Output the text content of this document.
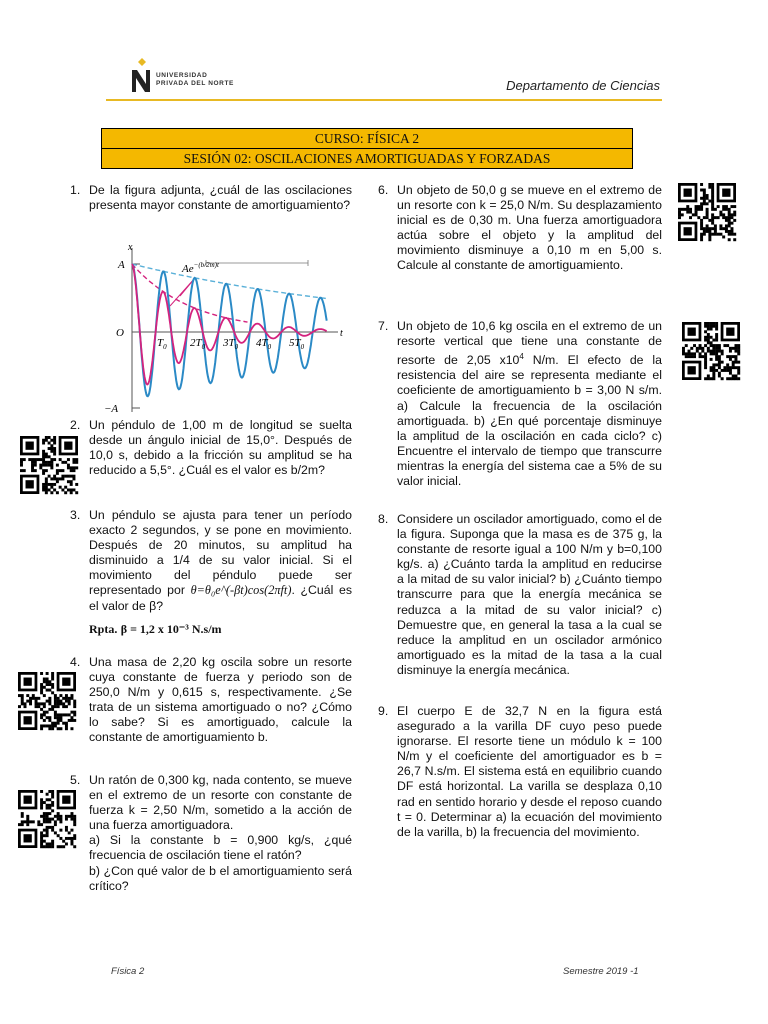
UNIVERSIDAD
PRIVADA DEL NORTE	Departamento de Ciencias
CURSO: FÍSICA 2
SESIÓN 02: OSCILACIONES AMORTIGUADAS Y FORZADAS
1. De la figura adjunta, ¿cuál de las oscilaciones presenta mayor constante de amortiguamiento?

x
t
A
O
−A
$Ae^{-(b/2m)t}$
$T_0$ $2T_0$ $3T_0$ $4T_0$ $5T_0$
2. Un péndulo de 1,00 m de longitud se suelta desde un ángulo inicial de 15,0°. Después de 10,0 s, debido a la fricción su amplitud se ha reducido a 5,5°. ¿Cuál es el valor es b/2m?

3. Un péndulo se ajusta para tener un período exacto 2 segundos, y se pone en movimiento. Después de 20 minutos, su amplitud ha disminuido a 1/4 de su valor inicial. Si el movimiento del péndulo puede ser representado por θ=θ₀e^(-βt)cos(2πft). ¿Cuál es el valor de β?

Rpta. β = 1,2 x 10⁻³ N.s/m

4. Una masa de 2,20 kg oscila sobre un resorte cuya constante de fuerza y periodo son de 250,0 N/m y 0,615 s, respectivamente. ¿Se trata de un sistema amortiguado o no? ¿Cómo lo sabe? Si es amortiguado, calcule la constante de amortiguamiento b.

5. Un ratón de 0,300 kg, nada contento, se mueve en el extremo de un resorte con constante de fuerza k = 2,50 N/m, sometido a la acción de una fuerza amortiguadora.

a) Si la constante b = 0,900 kg/s, ¿qué frecuencia de oscilación tiene el ratón?

b) ¿Con qué valor de b el amortiguamiento será crítico?

6. Un objeto de 50,0 g se mueve en el extremo de un resorte con k = 25,0 N/m. Su desplazamiento inicial es de 0,30 m. Una fuerza amortiguadora actúa sobre el objeto y la amplitud del movimiento disminuye a 0,10 m en 5,00 s. Calcule al constante de amortiguamiento.

7. Un objeto de 10,6 kg oscila en el extremo de un resorte vertical que tiene una constante de resorte de 2,05 $x10^4$ N/m. El efecto de la resistencia del aire se representa mediante el coeficiente de amortiguamiento b = 3,00 N s/m. a) Calcule la frecuencia de la oscilación amortiguada. b) ¿En qué porcentaje disminuye la amplitud de la oscilación en cada ciclo? c) Encuentre el intervalo de tiempo que transcurre mientras la energía del sistema cae a 5% de su valor inicial.

8. Considere un oscilador amortiguado, como el de la figura. Suponga que la masa es de 375 g, la constante de resorte igual a 100 N/m y b=0,100 kg/s. a) ¿Cuánto tarda la amplitud en reducirse a la mitad de su valor inicial? b) ¿Cuánto tiempo transcurre para que la energía mecánica se reduzca a la mitad de su valor inicial? c) Demuestre que, en general la tasa a la cual se reduce la amplitud en un oscilador armónico amortiguado es la mitad de la tasa a la cual disminuye la energía mecánica.

9. El cuerpo E de 32,7 N en la figura está asegurado a la varilla DF cuyo peso puede ignorarse. El resorte tiene un módulo k = 100 N/m y el coeficiente del amortiguador es b = 26,7 N.s/m. El sistema está en equilibrio cuando DF está horizontal. La varilla se desplaza 0,10 rad en sentido horario y desde el reposo cuando t = 0. Determinar a) la ecuación del movimiento de la varilla, b) la frecuencia del movimiento.

Física 2	Semestre 2019 -1
